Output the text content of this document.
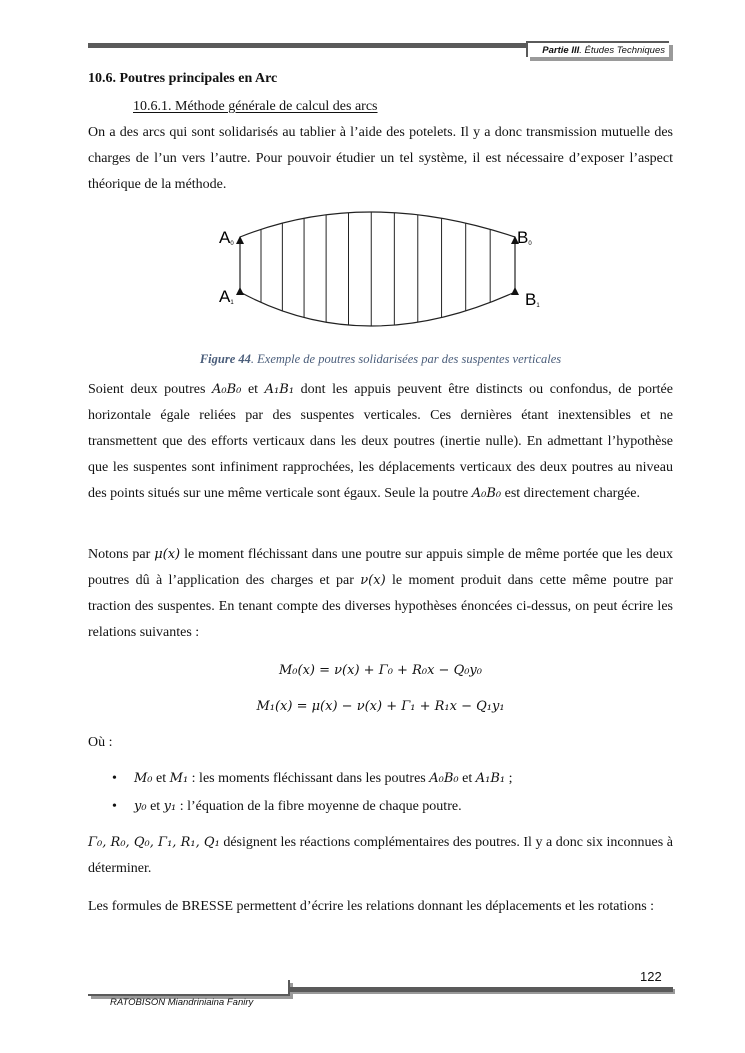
Partie III. Études Techniques

10.6. Poutres principales en Arc

10.6.1. Méthode générale de calcul des arcs

On a des arcs qui sont solidarisés au tablier à l’aide des potelets. Il y a donc transmission mutuelle des charges de l’un vers l’autre. Pour pouvoir étudier un tel système, il est nécessaire d’exposer l’aspect théorique de la méthode.

A0	B0
A1	B1
Figure 44. Exemple de poutres solidarisées par des suspentes verticales

Soient deux poutres A₀B₀ et A₁B₁ dont les appuis peuvent être distincts ou confondus, de portée horizontale égale reliées par des suspentes verticales. Ces dernières étant inextensibles et ne transmettent que des efforts verticaux dans les deux poutres (inertie nulle). En admettant l’hypothèse que les suspentes sont infiniment rapprochées, les déplacements verticaux des deux poutres au niveau des points situés sur une même verticale sont égaux. Seule la poutre A₀B₀ est directement chargée.

Notons par μ(x) le moment fléchissant dans une poutre sur appuis simple de même portée que les deux poutres dû à l’application des charges et par ν(x) le moment produit dans cette même poutre par traction des suspentes. En tenant compte des diverses hypothèses énoncées ci-dessus, on peut écrire les relations suivantes :

M₀(x) = ν(x) + Γ₀ + R₀x − Q₀y₀
M₁(x) = μ(x) − ν(x) + Γ₁ + R₁x − Q₁y₁

Où :

• M₀ et M₁ : les moments fléchissant dans les poutres A₀B₀ et A₁B₁ ;
• y₀ et y₁ : l’équation de la fibre moyenne de chaque poutre.

Γ₀, R₀, Q₀, Γ₁, R₁, Q₁ désignent les réactions complémentaires des poutres. Il y a donc six inconnues à déterminer.

Les formules de BRESSE permettent d’écrire les relations donnant les déplacements et les rotations :

122
RATOBISON Miandriniaina Faniry
